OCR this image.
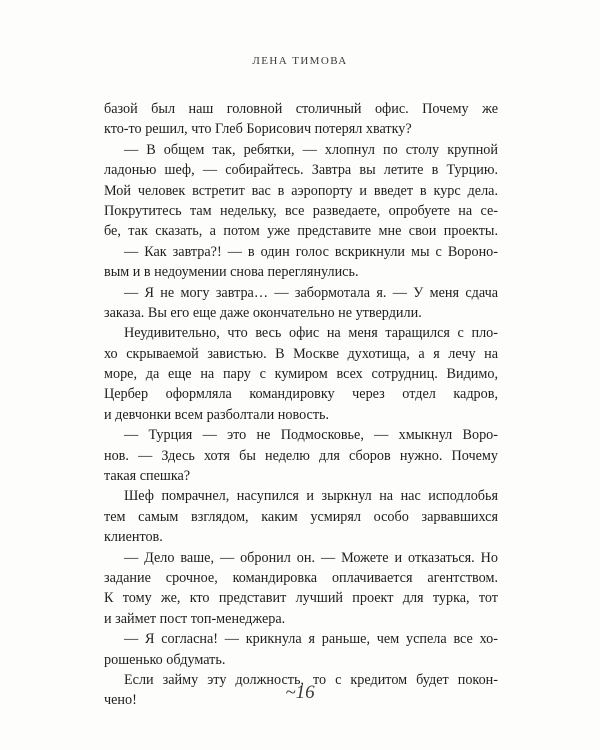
ЛЕНА ТИМОВА
базой был наш головной столичный офис. Почему же
кто-то решил, что Глеб Борисович потерял хватку?
— В общем так, ребятки, — хлопнул по столу крупной
ладонью шеф, — собирайтесь. Завтра вы летите в Турцию.
Мой человек встретит вас в аэропорту и введет в курс дела.
Покрутитесь там недельку, все разведаете, опробуете на се-
бе, так сказать, а потом уже представите мне свои проекты.
— Как завтра?! — в один голос вскрикнули мы с Вороно-
вым и в недоумении снова переглянулись.
— Я не могу завтра… — забормотала я. — У меня сдача
заказа. Вы его еще даже окончательно не утвердили.
Неудивительно, что весь офис на меня таращился с пло-
хо скрываемой завистью. В Москве духотища, а я лечу на
море, да еще на пару с кумиром всех сотрудниц. Видимо,
Цербер оформляла командировку через отдел кадров,
и девчонки всем разболтали новость.
— Турция — это не Подмосковье, — хмыкнул Воро-
нов. — Здесь хотя бы неделю для сборов нужно. Почему
такая спешка?
Шеф помрачнел, насупился и зыркнул на нас исподлобья
тем самым взглядом, каким усмирял особо зарвавшихся
клиентов.
— Дело ваше, — обронил он. — Можете и отказаться. Но
задание срочное, командировка оплачивается агентством.
К тому же, кто представит лучший проект для турка, тот
и займет пост топ-менеджера.
— Я согласна! — крикнула я раньше, чем успела все хо-
рошенько обдумать.
Если займу эту должность, то с кредитом будет покон-
чено!	~16
